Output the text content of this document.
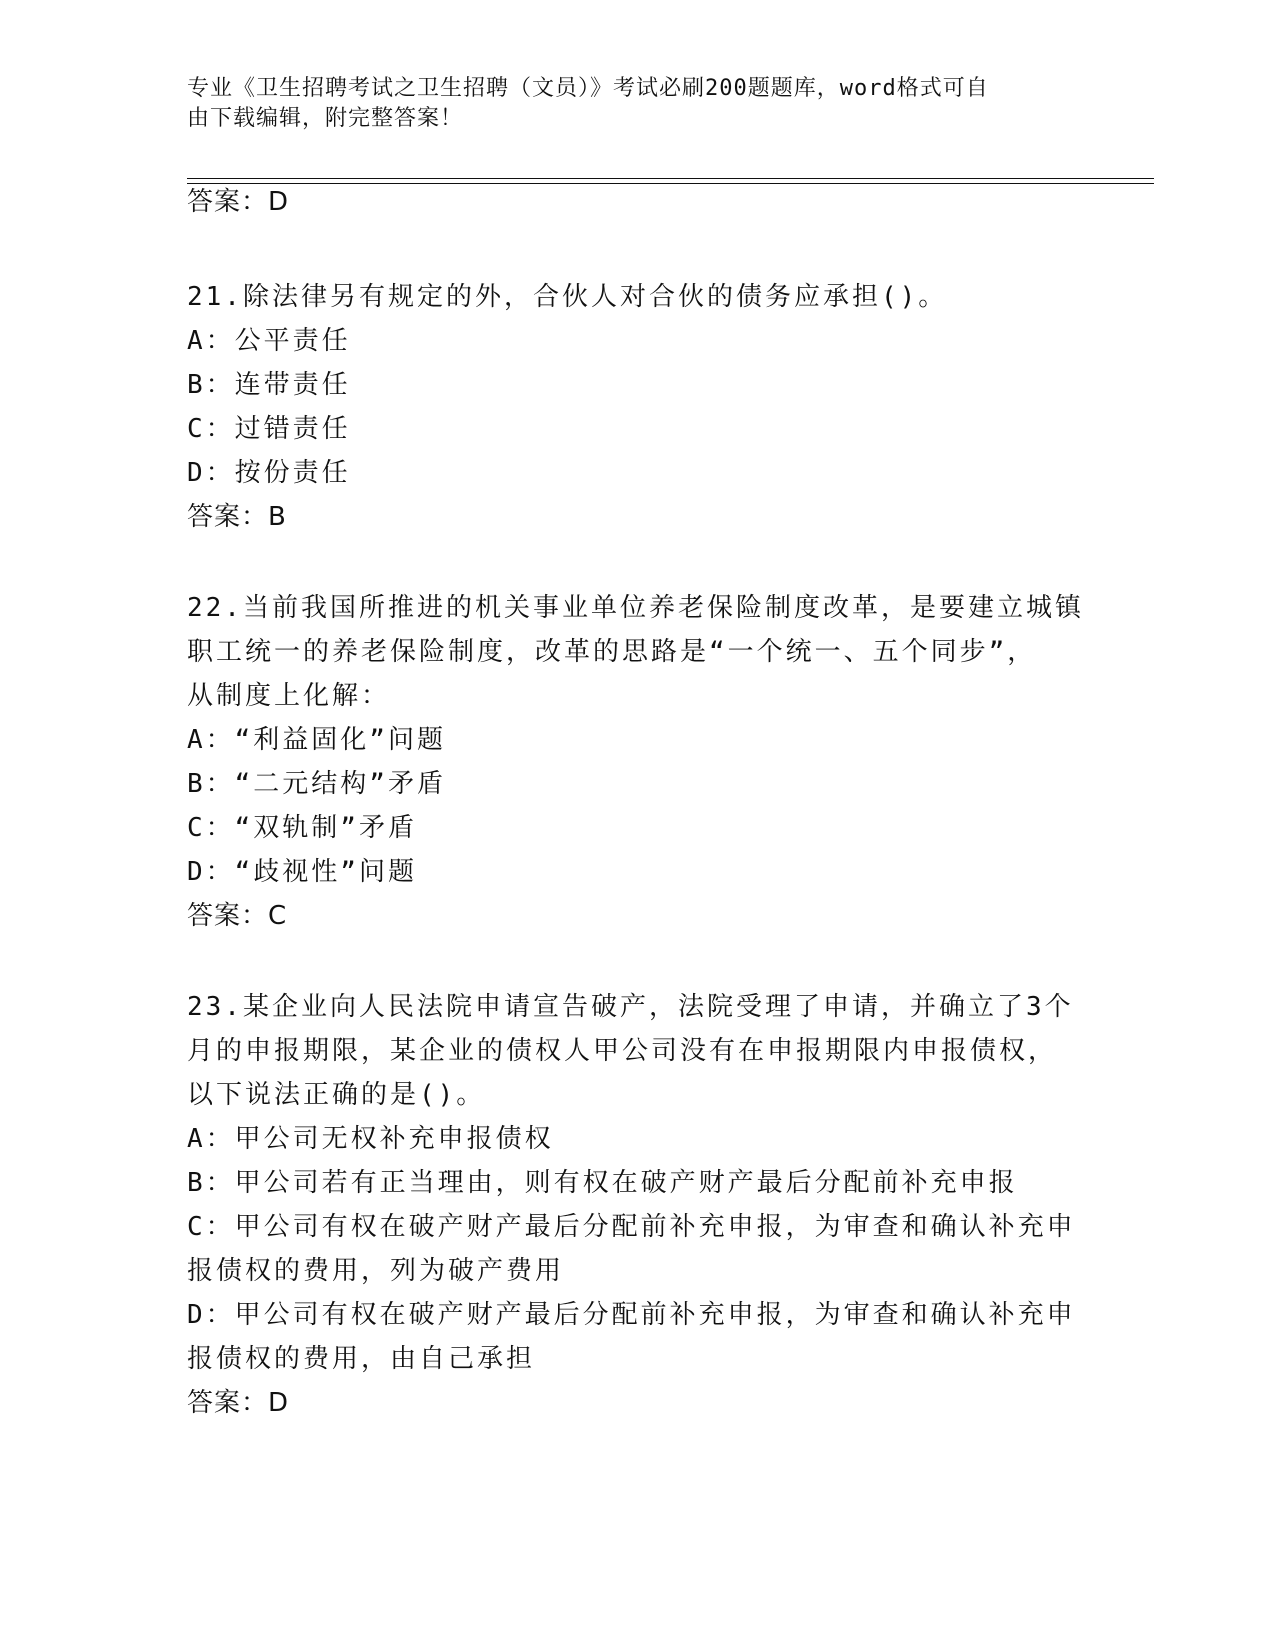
专业《卫生招聘考试之卫生招聘（文员）》考试必刷200题题库，word格式可自
由下载编辑，附完整答案！
答案：D
21.除法律另有规定的外，合伙人对合伙的债务应承担()。
A：公平责任
B：连带责任
C：过错责任
D：按份责任
答案：B
22.当前我国所推进的机关事业单位养老保险制度改革，是要建立城镇
职工统一的养老保险制度，改革的思路是“一个统一、五个同步”，
从制度上化解：
A：“利益固化”问题
B：“二元结构”矛盾
C：“双轨制”矛盾
D：“歧视性”问题
答案：C
23.某企业向人民法院申请宣告破产，法院受理了申请，并确立了3个
月的申报期限，某企业的债权人甲公司没有在申报期限内申报债权，
以下说法正确的是()。
A：甲公司无权补充申报债权
B：甲公司若有正当理由，则有权在破产财产最后分配前补充申报
C：甲公司有权在破产财产最后分配前补充申报，为审查和确认补充申
报债权的费用，列为破产费用
D：甲公司有权在破产财产最后分配前补充申报，为审查和确认补充申
报债权的费用，由自己承担
答案：D
